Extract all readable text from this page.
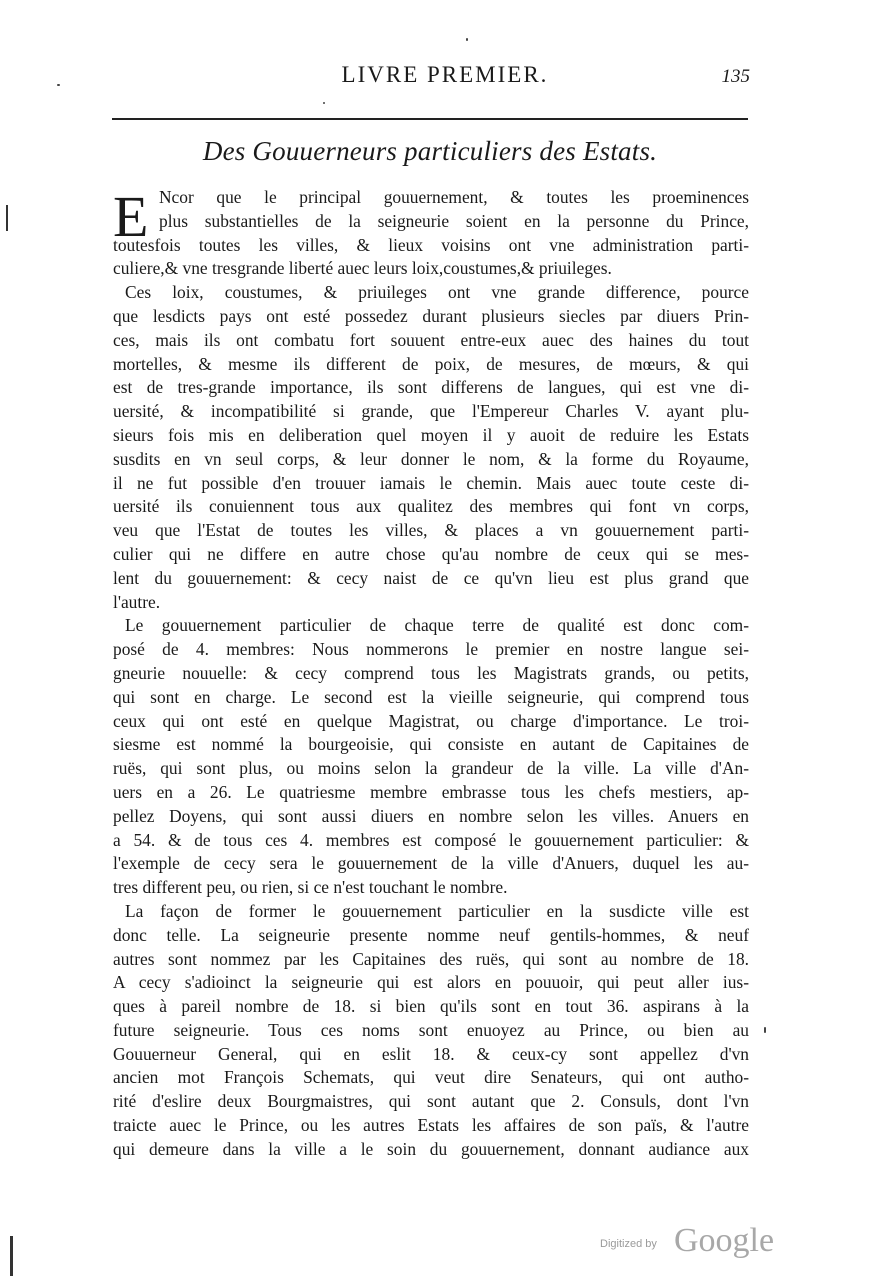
LIVRE PREMIER.	135
Des Gouuerneurs particuliers des Estats.
E Ncor que le principal gouuernement, & toutes les proeminences
plus substantielles de la seigneurie soient en la personne du Prince,
toutesfois toutes les villes, & lieux voisins ont vne administration parti-
culiere,& vne tresgrande liberté auec leurs loix,coustumes,& priuileges.
Ces loix, coustumes, & priuileges ont vne grande difference, pource
que lesdicts pays ont esté possedez durant plusieurs siecles par diuers Prin-
ces, mais ils ont combatu fort souuent entre-eux auec des haines du tout
mortelles, & mesme ils different de poix, de mesures, de mœurs, & qui
est de tres-grande importance, ils sont differens de langues, qui est vne di-
uersité, & incompatibilité si grande, que l'Empereur Charles V. ayant plu-
sieurs fois mis en deliberation quel moyen il y auoit de reduire les Estats
susdits en vn seul corps, & leur donner le nom, & la forme du Royaume,
il ne fut possible d'en trouuer iamais le chemin. Mais auec toute ceste di-
uersité ils conuiennent tous aux qualitez des membres qui font vn corps,
veu que l'Estat de toutes les villes, & places a vn gouuernement parti-
culier qui ne differe en autre chose qu'au nombre de ceux qui se mes-
lent du gouuernement: & cecy naist de ce qu'vn lieu est plus grand que
l'autre.
Le gouuernement particulier de chaque terre de qualité est donc com-
posé de 4. membres: Nous nommerons le premier en nostre langue sei-
gneurie nouuelle: & cecy comprend tous les Magistrats grands, ou petits,
qui sont en charge. Le second est la vieille seigneurie, qui comprend tous
ceux qui ont esté en quelque Magistrat, ou charge d'importance. Le troi-
siesme est nommé la bourgeoisie, qui consiste en autant de Capitaines de
ruës, qui sont plus, ou moins selon la grandeur de la ville. La ville d'An-
uers en a 26. Le quatriesme membre embrasse tous les chefs mestiers, ap-
pellez Doyens, qui sont aussi diuers en nombre selon les villes. Anuers en
a 54. & de tous ces 4. membres est composé le gouuernement particulier: &
l'exemple de cecy sera le gouuernement de la ville d'Anuers, duquel les au-
tres different peu, ou rien, si ce n'est touchant le nombre.
La façon de former le gouuernement particulier en la susdicte ville est
donc telle. La seigneurie presente nomme neuf gentils-hommes, & neuf
autres sont nommez par les Capitaines des ruës, qui sont au nombre de 18.
A cecy s'adioinct la seigneurie qui est alors en pouuoir, qui peut aller ius-
ques à pareil nombre de 18. si bien qu'ils sont en tout 36. aspirans à la
future seigneurie. Tous ces noms sont enuoyez au Prince, ou bien au
Gouuerneur General, qui en eslit 18. & ceux-cy sont appellez d'vn
ancien mot François Schemats, qui veut dire Senateurs, qui ont autho-
rité d'eslire deux Bourgmaistres, qui sont autant que 2. Consuls, dont l'vn
traicte auec le Prince, ou les autres Estats les affaires de son païs, & l'autre
qui demeure dans la ville a le soin du gouuernement, donnant audiance aux
Digitized by Google
